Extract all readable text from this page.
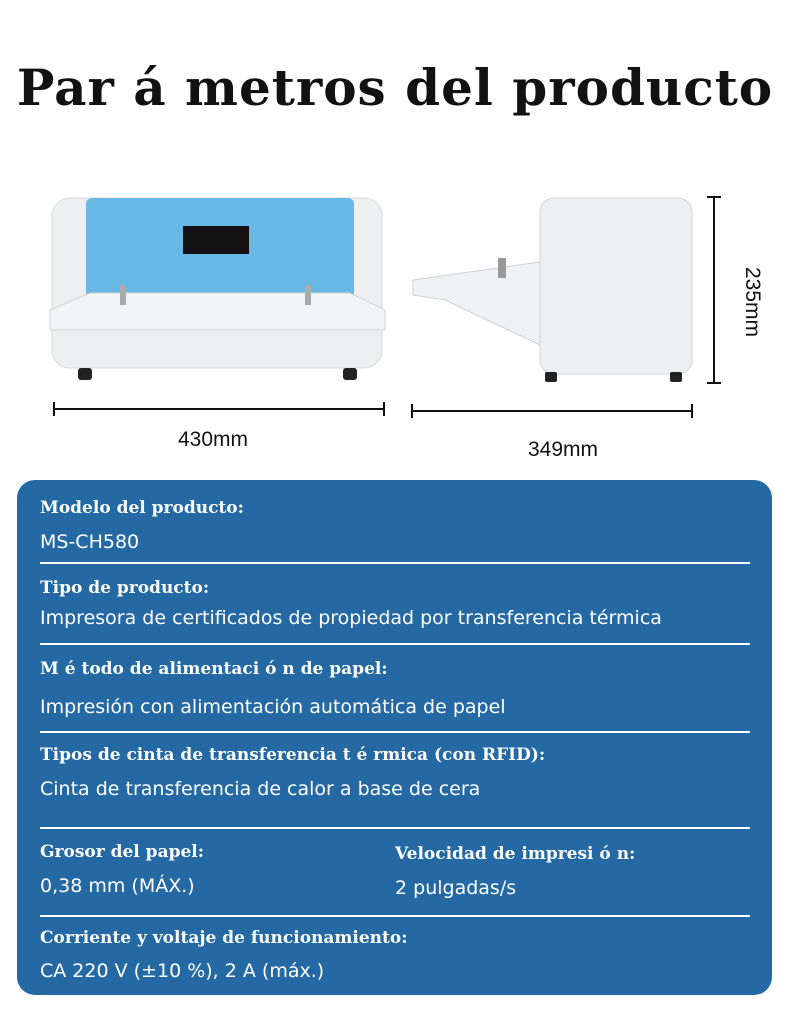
Par á metros del producto
430mm	349mm
235mm
Modelo del producto:
MS-CH580
Tipo de producto:
Impresora de certificados de propiedad por transferencia térmica
M é todo de alimentaci ó n de papel:
Impresión con alimentación automática de papel
Tipos de cinta de transferencia t é rmica (con RFID):
Cinta de transferencia de calor a base de cera
Grosor del papel:
0,38 mm (MÁX.)
Velocidad de impresi ó n:
2 pulgadas/s
Corriente y voltaje de funcionamiento:
CA 220 V (±10 %), 2 A (máx.)
